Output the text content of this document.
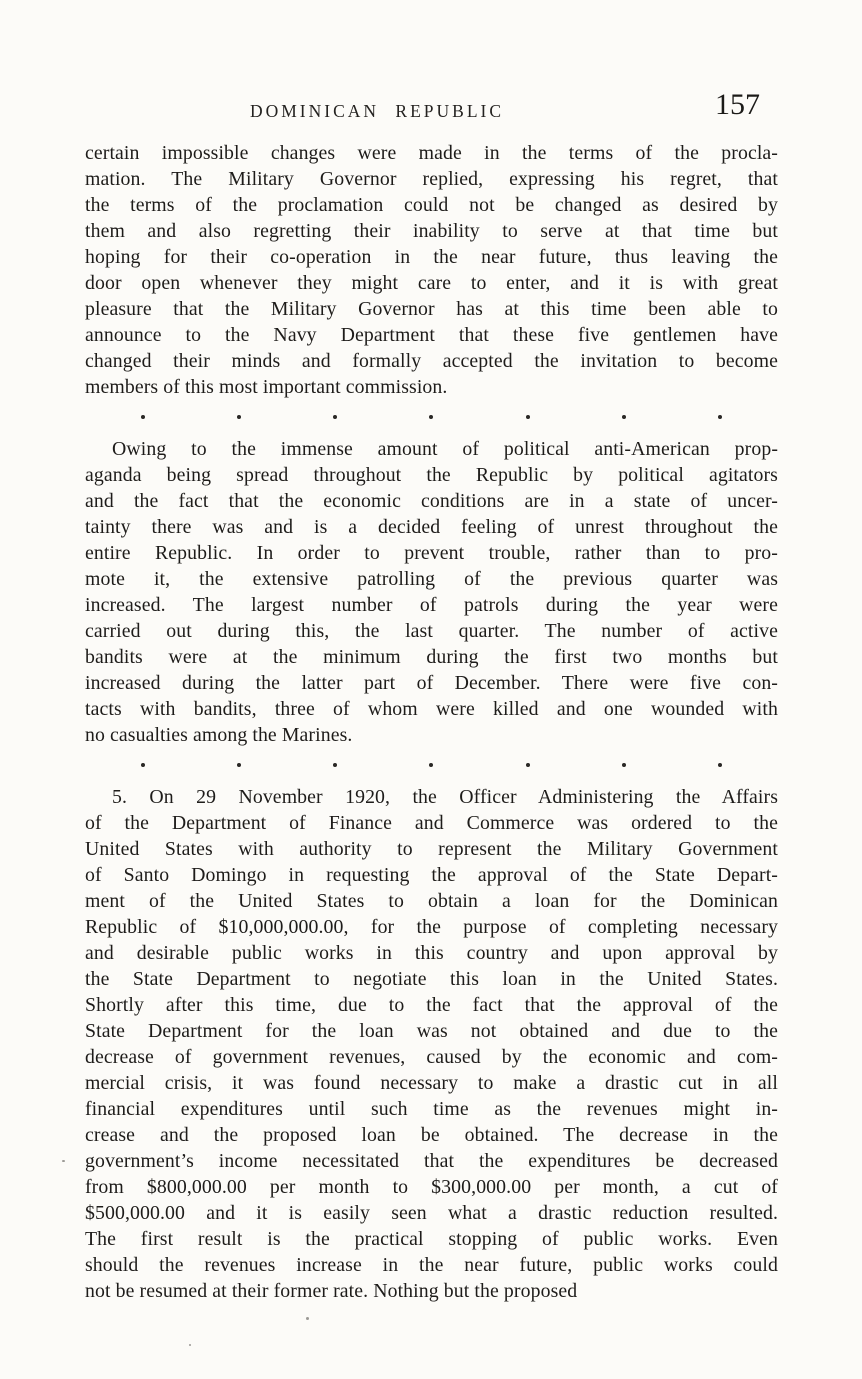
DOMINICAN REPUBLIC	157
certain impossible changes were made in the terms of the procla-
mation. The Military Governor replied, expressing his regret, that
the terms of the proclamation could not be changed as desired by
them and also regretting their inability to serve at that time but
hoping for their co-operation in the near future, thus leaving the
door open whenever they might care to enter, and it is with great
pleasure that the Military Governor has at this time been able to
announce to the Navy Department that these five gentlemen have
changed their minds and formally accepted the invitation to become
members of this most important commission.
Owing to the immense amount of political anti-American prop-
aganda being spread throughout the Republic by political agitators
and the fact that the economic conditions are in a state of uncer-
tainty there was and is a decided feeling of unrest throughout the
entire Republic. In order to prevent trouble, rather than to pro-
mote it, the extensive patrolling of the previous quarter was
increased. The largest number of patrols during the year were
carried out during this, the last quarter. The number of active
bandits were at the minimum during the first two months but
increased during the latter part of December. There were five con-
tacts with bandits, three of whom were killed and one wounded with
no casualties among the Marines.
5. On 29 November 1920, the Officer Administering the Affairs
of the Department of Finance and Commerce was ordered to the
United States with authority to represent the Military Government
of Santo Domingo in requesting the approval of the State Depart-
ment of the United States to obtain a loan for the Dominican
Republic of $10,000,000.00, for the purpose of completing necessary
and desirable public works in this country and upon approval by
the State Department to negotiate this loan in the United States.
Shortly after this time, due to the fact that the approval of the
State Department for the loan was not obtained and due to the
decrease of government revenues, caused by the economic and com-
mercial crisis, it was found necessary to make a drastic cut in all
financial expenditures until such time as the revenues might in-
crease and the proposed loan be obtained. The decrease in the
government’s income necessitated that the expenditures be decreased
from $800,000.00 per month to $300,000.00 per month, a cut of
$500,000.00 and it is easily seen what a drastic reduction resulted.
The first result is the practical stopping of public works. Even
should the revenues increase in the near future, public works could
not be resumed at their former rate. Nothing but the proposed
